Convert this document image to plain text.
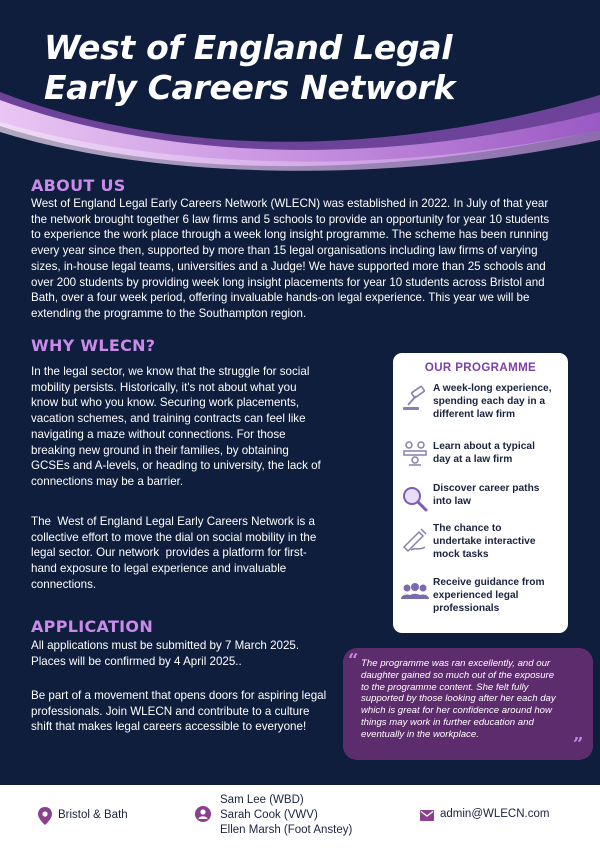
West of England Legal
Early Careers Network
ABOUT US
West of England Legal Early Careers Network (WLECN) was established in 2022. In July of that year
the network brought together 6 law firms and 5 schools to provide an opportunity for year 10 students
to experience the work place through a week long insight programme. The scheme has been running
every year since then, supported by more than 15 legal organisations including law firms of varying
sizes, in-house legal teams, universities and a Judge! We have supported more than 25 schools and
over 200 students by providing week long insight placements for year 10 students across Bristol and
Bath, over a four week period, offering invaluable hands-on legal experience. This year we will be
extending the programme to the Southampton region.
WHY WLECN?
In the legal sector, we know that the struggle for social
mobility persists. Historically, it's not about what you
know but who you know. Securing work placements,
vacation schemes, and training contracts can feel like
navigating a maze without connections. For those
breaking new ground in their families, by obtaining
GCSEs and A-levels, or heading to university, the lack of
connections may be a barrier.
The  West of England Legal Early Careers Network is a
collective effort to move the dial on social mobility in the
legal sector. Our network  provides a platform for first-
hand exposure to legal experience and invaluable
connections.
APPLICATION
All applications must be submitted by 7 March 2025.
Places will be confirmed by 4 April 2025..
Be part of a movement that opens doors for aspiring legal
professionals. Join WLECN and contribute to a culture
shift that makes legal careers accessible to everyone!
OUR PROGRAMME
A week-long experience,
spending each day in a
different law firm
Learn about a typical
day at a law firm
Discover career paths
into law
The chance to
undertake interactive
mock tasks
Receive guidance from
experienced legal
professionals
“ The programme was ran excellently, and our
daughter gained so much out of the exposure
to the programme content. She felt fully
supported by those looking after her each day
which is great for her confidence around how
things may work in further education and
eventually in the workplace.	”
Bristol & Bath
Sam Lee (WBD)
Sarah Cook (VWV)
Ellen Marsh (Foot Anstey)
admin@WLECN.com
